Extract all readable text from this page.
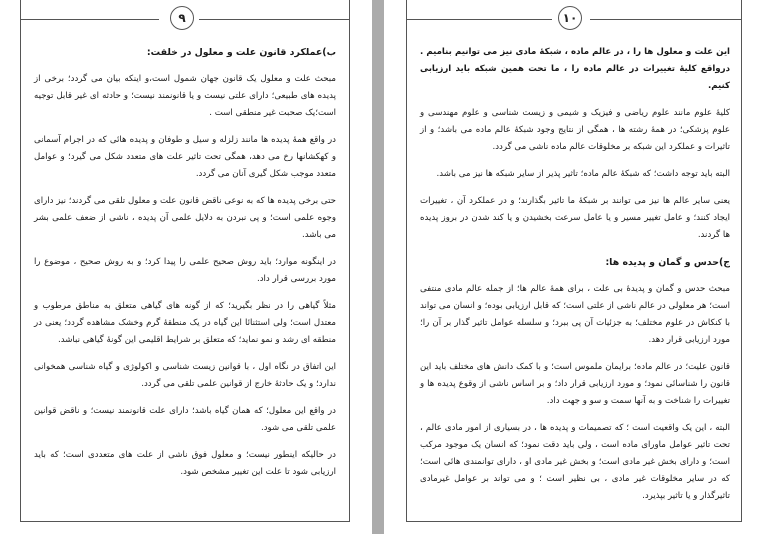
۹
ب)عملکرد قانون علت و معلول در خلقت:

مبحث علت و معلول یک قانون جهان شمول است،و اینکه بیان می گردد؛ برخی از پدیده های طبیعی؛ دارای علتی نیست و یا قانونمند نیست؛ و حادثه ای غیر قابل توجیه است؛یک صحبت غیر منطقی است .

در واقع همهٔ پدیده ها مانند زلزله و سیل و طوفان و پدیده هائی که در اجرام آسمانی و کهکشانها رخ می دهد، همگی تحت تاثیر علت های متعدد شکل می گیرد؛ و عوامل متعدد موجب شکل گیری آنان می گردد.

حتی برخی پدیده ها که به نوعی ناقض قانون علت و معلول تلقی می گردند؛ نیز دارای وجوه علمی است؛ و پی نبردن به دلایل علمی آن پدیده ، ناشی از ضعف علمی بشر می باشد.

در اینگونه موارد؛ باید روش صحیح علمی را پیدا کرد؛ و به روش صحیح ، موضوع را مورد بررسی قرار داد.

مثلاً گیاهی را در نظر بگیرید؛ که از گونه های گیاهی متعلق به مناطق مرطوب و معتدل است؛ ولی استثنائا این گیاه در یک منطقهٔ گرم وخشک مشاهده گردد؛ یعنی در منطقه ای رشد و نمو نماید؛ که متعلق بر شرایط اقلیمی این گونهٔ گیاهی نباشد.

این اتفاق در نگاه اول ، با قوانین زیست شناسی و اکولوژی و گیاه شناسی همخوانی ندارد؛ و یک حادثهٔ خارج از قوانین علمی تلقی می گردد.

در واقع این معلول؛ که همان گیاه باشد؛ دارای علت قانونمند نیست؛ و ناقض قوانین علمی تلقی می شود.

در حالیکه اینطور نیست؛ و معلول فوق ناشی از علت های متعددی است؛ که باید ارزیابی شود تا علت این تغییر مشخص شود.

۱۰

این علت و معلول ها را ، در عالم ماده ، شبکهٔ مادی نیز می توانیم بنامیم . درواقع کلیهٔ تغییرات در عالم ماده را ، ما تحت همین شبکه باید ارزیابی کنیم.

کلیهٔ علوم مانند علوم ریاضی و فیزیک و شیمی و زیست شناسی و علوم مهندسی و علوم پزشکی؛ در همهٔ رشته ها ، همگی از نتایج وجود شبکهٔ عالم ماده می باشد؛ و از تاثیرات و عملکرد این شبکه بر مخلوقات عالم ماده ناشی می گردد.

البته باید توجه داشت؛ که شبکهٔ عالم ماده؛ تاثیر پذیر از سایر شبکه ها نیز می باشد.

یعنی سایر عالم ها نیز می توانند بر شبکهٔ ما تاثیر بگذارند؛ و در عملکرد آن ، تغییرات ایجاد کنند؛ و عامل تغییر مسیر و یا عامل سرعت بخشیدن و یا کند شدن در بروز پدیده ها گردند.

ج)حدس و گمان و پدیده ها:

مبحث حدس و گمان و پدیدهٔ بی علت ، برای همهٔ عالم ها؛ از جمله عالم مادی منتفی است؛ هر معلولی در عالم ناشی از علتی است؛ که قابل ارزیابی بوده؛ و انسان می تواند با کنکاش در علوم مختلف؛ به جزئیات آن پی ببرد؛ و سلسله عوامل تاثیر گذار بر آن را؛ مورد ارزیابی قرار دهد.

قانون علیت؛ در عالم ماده؛ برایمان ملموس است؛ و با کمک دانش های مختلف باید این قانون را شناسائی نمود؛ و مورد ارزیابی قرار داد؛ و بر اساس ناشی از وقوع پدیده ها و تغییرات را شناخت و به آنها سمت و سو و جهت داد.

البته ، این یک واقعیت است ؛ که تصمیمات و پدیده ها ، در بسیاری از امور مادی عالم ، تحت تاثیر عوامل ماورای ماده است ، ولی باید دقت نمود؛ که انسان یک موجود مرکب است؛ و دارای بخش غیر مادی است؛ و بخش غیر مادی او ، دارای توانمندی هائی است؛ که در سایر مخلوقات غیر مادی ، بی نظیر است ؛ و می تواند بر عوامل غیرمادی تاثیرگذار و یا تاثیر بپذیرد.
